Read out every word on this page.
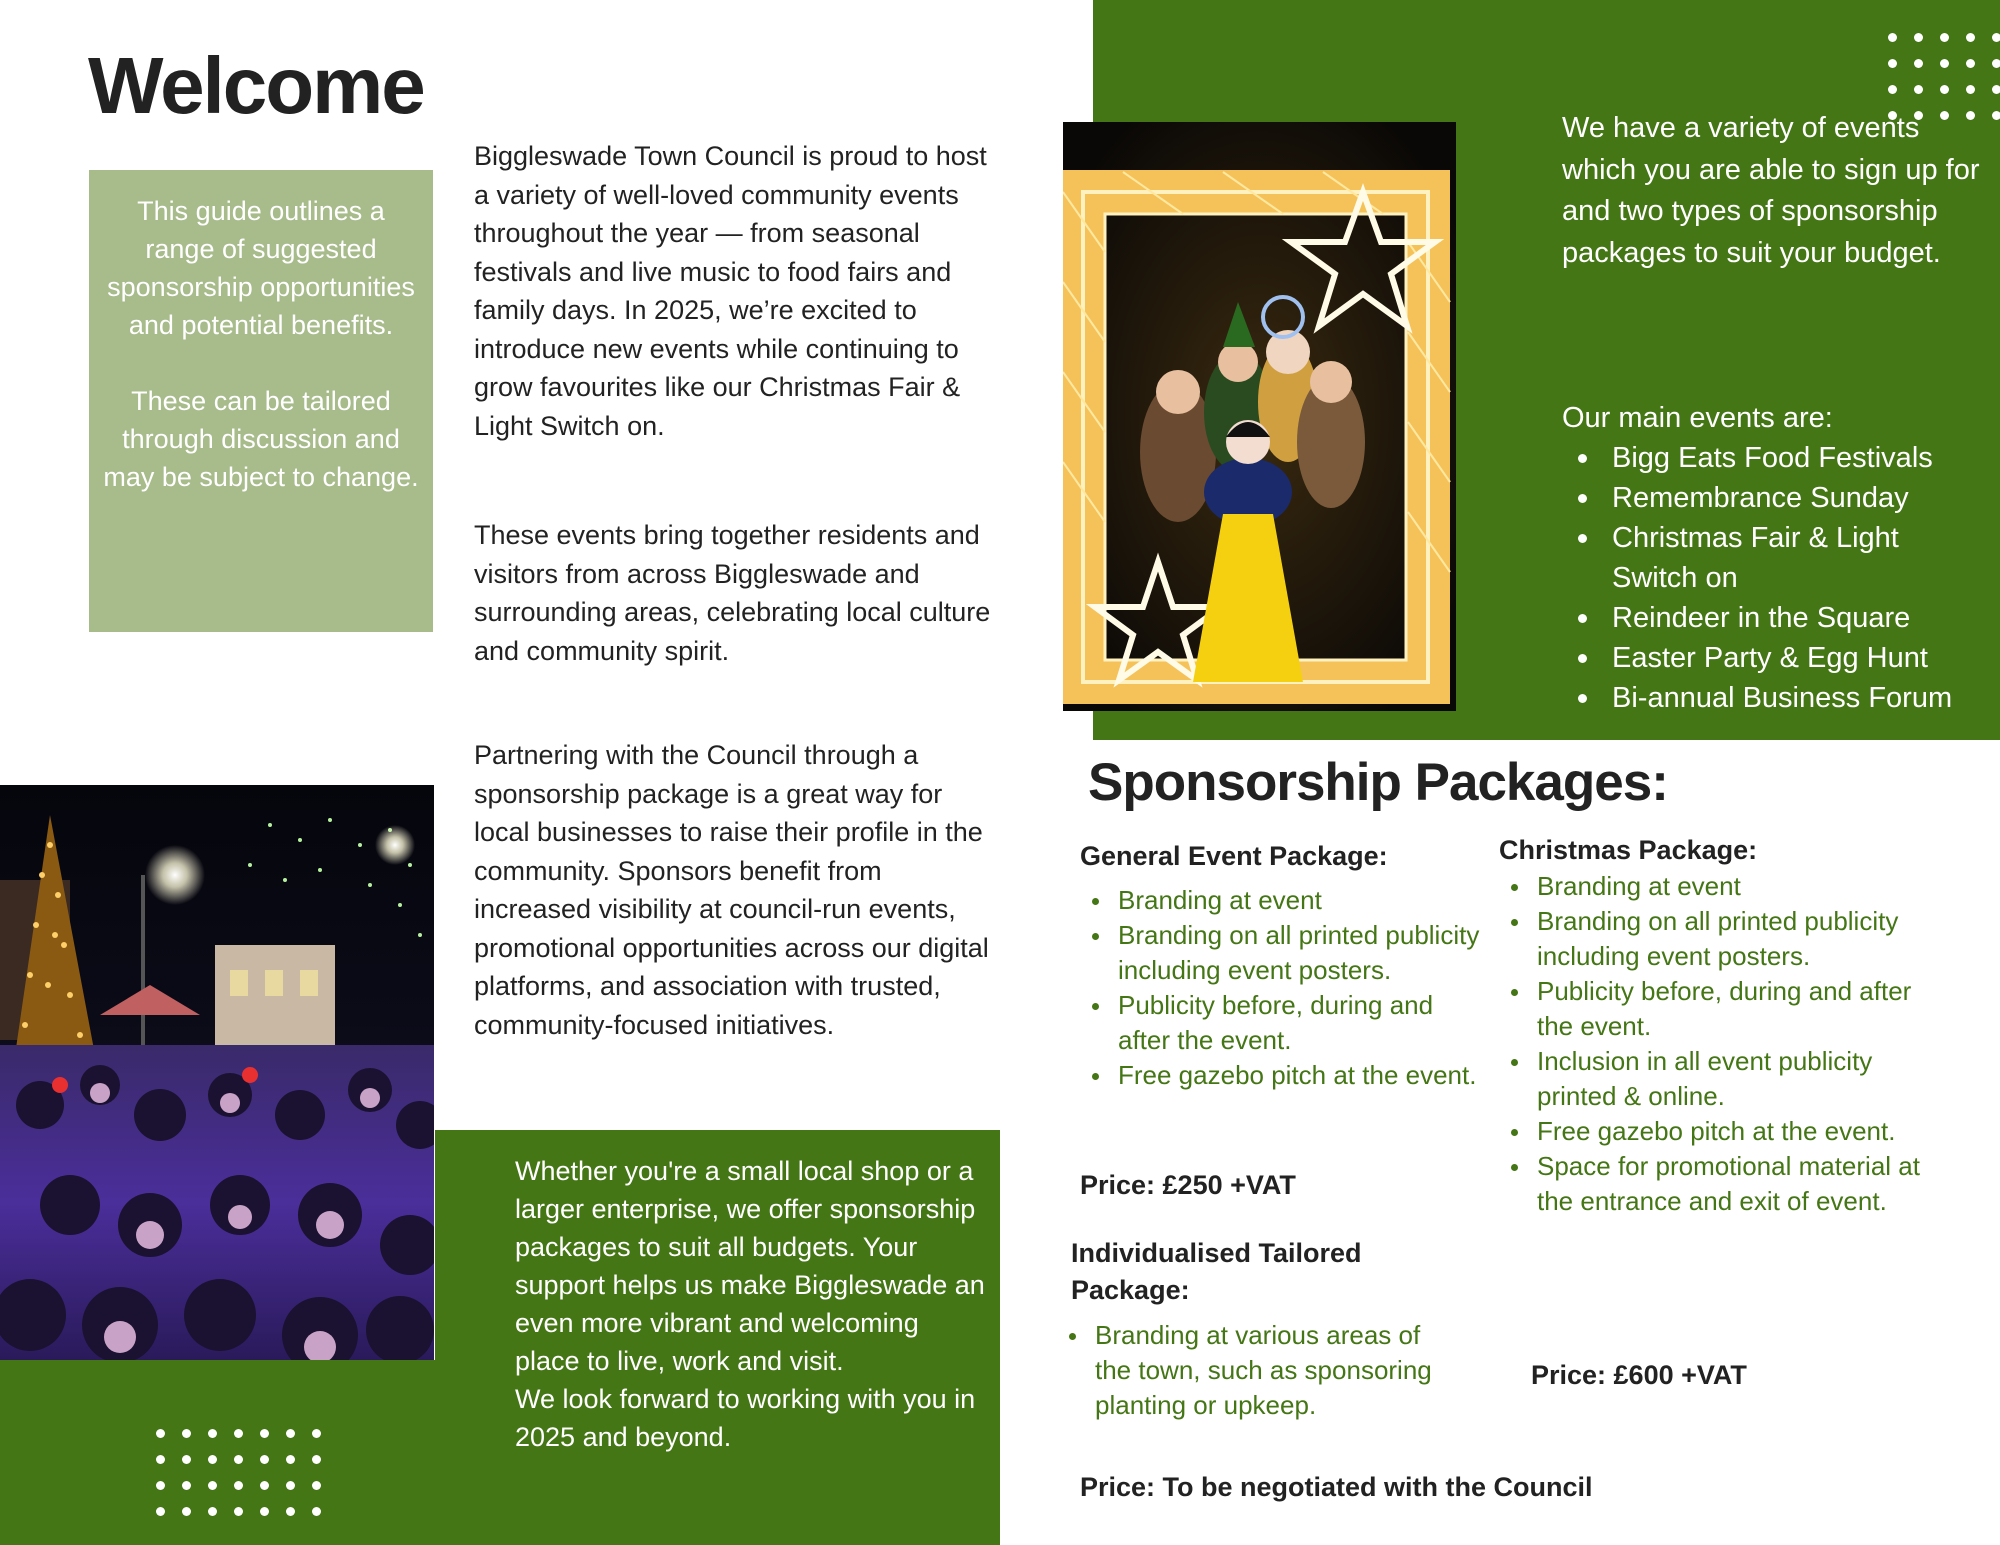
Welcome

This guide outlines a range of suggested sponsorship opportunities and potential benefits.

These can be tailored through discussion and may be subject to change.

Biggleswade Town Council is proud to host a variety of well-loved community events throughout the year — from seasonal festivals and live music to food fairs and family days. In 2025, we’re excited to introduce new events while continuing to grow favourites like our Christmas Fair & Light Switch on.

These events bring together residents and visitors from across Biggleswade and surrounding areas, celebrating local culture and community spirit.

Partnering with the Council through a sponsorship package is a great way for local businesses to raise their profile in the community. Sponsors benefit from increased visibility at council-run events, promotional opportunities across our digital platforms, and association with trusted, community-focused initiatives.

Whether you're a small local shop or a larger enterprise, we offer sponsorship packages to suit all budgets. Your support helps us make Biggleswade an even more vibrant and welcoming place to live, work and visit.

We look forward to working with you in 2025 and beyond.

We have a variety of events which you are able to sign up for and two types of sponsorship packages to suit your budget.

Our main events are:

Bigg Eats Food Festivals
Remembrance Sunday
Christmas Fair & Light Switch on
Reindeer in the Square
Easter Party & Egg Hunt
Bi-annual Business Forum
Sponsorship Packages:
General Event Package:
Branding at event
Branding on all printed publicity including event posters.
Publicity before, during and after the event.
Free gazebo pitch at the event.
Price: £250 +VAT
Individualised Tailored Package:
Branding at various areas of the town, such as sponsoring planting or upkeep.
Price: To be negotiated with the Council
Christmas Package:
Branding at event
Branding on all printed publicity including event posters.
Publicity before, during and after the event.
Inclusion in all event publicity printed & online.
Free gazebo pitch at the event.
Space for promotional material at the entrance and exit of event.
Price: £600 +VAT
